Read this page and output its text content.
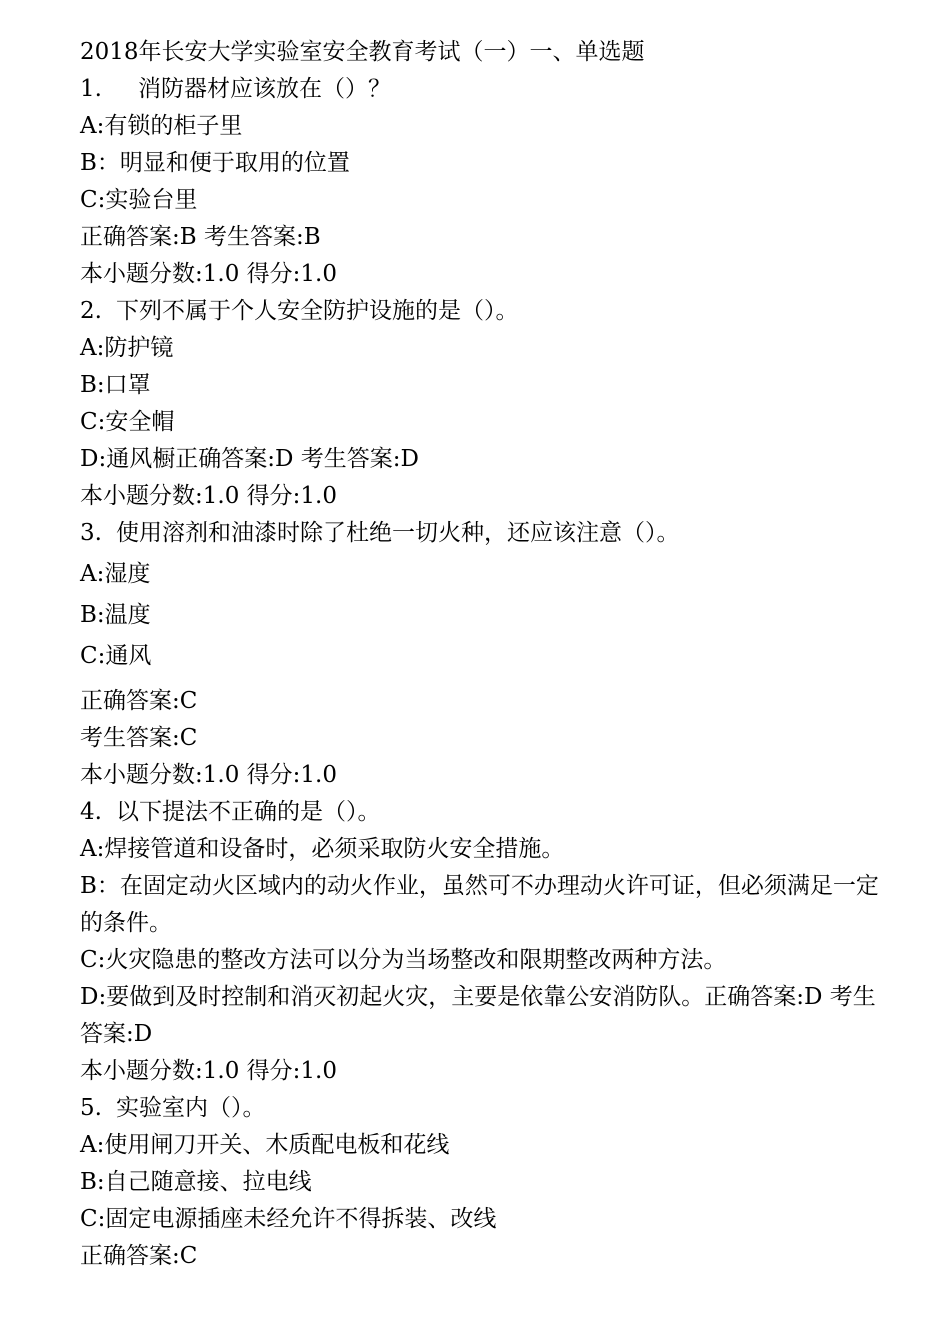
2018年长安大学实验室安全教育考试（一）一、单选题
1. 消防器材应该放在（）？
A:有锁的柜子里
B：明显和便于取用的位置
C:实验台里
正确答案:B 考生答案:B
本小题分数:1.0 得分:1.0
2. 下列不属于个人安全防护设施的是（）。
A:防护镜
B:口罩
C:安全帽
D:通风橱正确答案:D 考生答案:D
本小题分数:1.0 得分:1.0
3. 使用溶剂和油漆时除了杜绝一切火种，还应该注意（）。
A:湿度
B:温度
C:通风
正确答案:C
考生答案:C
本小题分数:1.0 得分:1.0
4. 以下提法不正确的是（）。
A:焊接管道和设备时，必须采取防火安全措施。
B：在固定动火区域内的动火作业，虽然可不办理动火许可证，但必须满足一定的条件。
C:火灾隐患的整改方法可以分为当场整改和限期整改两种方法。
D:要做到及时控制和消灭初起火灾，主要是依靠公安消防队。正确答案:D 考生答案:D
本小题分数:1.0 得分:1.0
5. 实验室内（）。
A:使用闸刀开关、木质配电板和花线
B:自己随意接、拉电线
C:固定电源插座未经允许不得拆装、改线
正确答案:C
